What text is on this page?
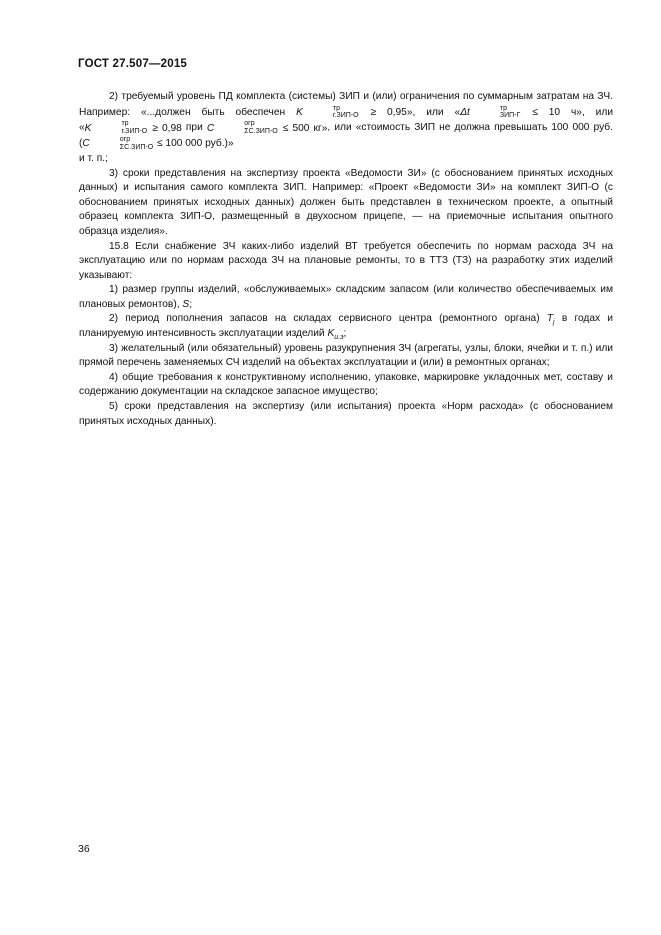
ГОСТ 27.507—2015

2) требуемый уровень ПД комплекта (системы) ЗИП и (или) ограничения по суммарным затратам на ЗЧ. Например: «...должен быть обеспечен K	тр
г.ЗИП-О ≥ 0,95», или «Δt	тр
ЗИП-Г ≤ 10 ч», или «K	тр
г.ЗИП-О ≥ 0,98 при C	огр
ΣС.ЗИП-О ≤ 500 кг», или «стоимость ЗИП не должна превышать 100 000 руб. (C	огр
ΣС.ЗИП-О ≤ 100 000 руб.)»

и т. п.;

3) сроки представления на экспертизу проекта «Ведомости ЗИ» (с обоснованием принятых исходных данных) и испытания самого комплекта ЗИП. Например: «Проект «Ведомости ЗИ» на комплект ЗИП-О (с обоснованием принятых исходных данных) должен быть представлен в техническом проекте, а опытный образец комплекта ЗИП-О, размещенный в двухосном прицепе, — на приемочные испытания опытного образца изделия».

15.8 Если снабжение ЗЧ каких-либо изделий ВТ требуется обеспечить по нормам расхода ЗЧ на эксплуатацию или по нормам расхода ЗЧ на плановые ремонты, то в ТТЗ (ТЗ) на разработку этих изделий указывают:

1) размер группы изделий, «обслуживаемых» складским запасом (или количество обеспечиваемых им плановых ремонтов), S;

2) период пополнения запасов на складах сервисного центра (ремонтного органа) $T_j$ в годах и планируемую интенсивность эксплуатации изделий $K_{и.э}$;

3) желательный (или обязательный) уровень разукрупнения ЗЧ (агрегаты, узлы, блоки, ячейки и т. п.) или прямой перечень заменяемых СЧ изделий на объектах эксплуатации и (или) в ремонтных органах;

4) общие требования к конструктивному исполнению, упаковке, маркировке укладочных мет, составу и содержанию документации на складское запасное имущество;

5) сроки представления на экспертизу (или испытания) проекта «Норм расхода» (с обоснованием принятых исходных данных).

36
